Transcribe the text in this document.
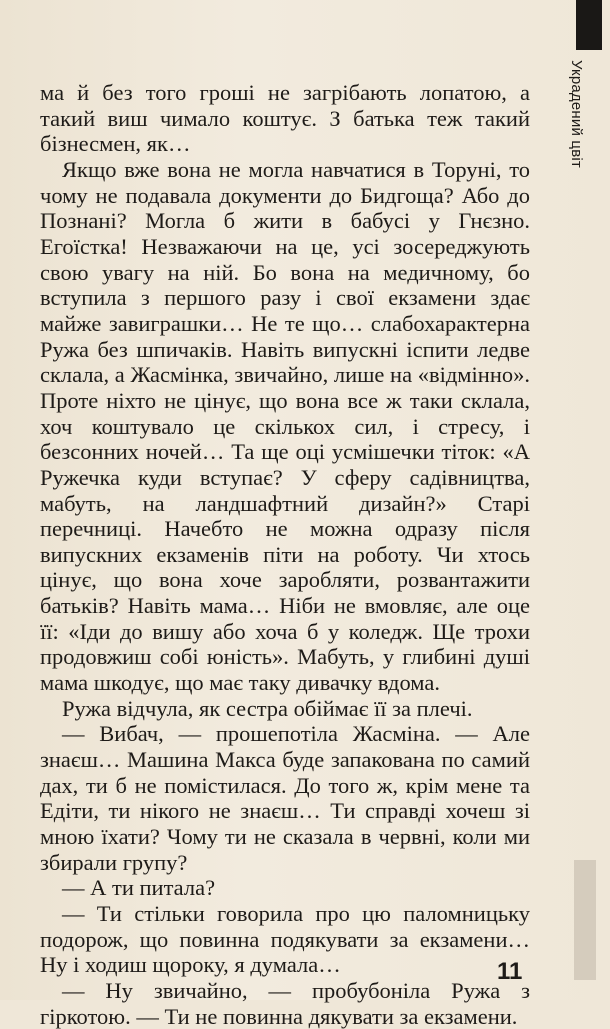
Украдений цвіт

ма й без того гроші не загрібають лопатою, а такий виш чимало коштує. З батька теж такий бізнесмен, як…

Якщо вже вона не могла навчатися в Toруні, то чому не подавала документи до Бидгоща? Або до Познані? Могла б жити в бабусі у Гнєзно. Егоїстка! Незважаючи на це, усі зосереджують свою увагу на ній. Бо вона на медичному, бо вступила з першого разу і свої екзамени здає майже завигрaшки… Не те що… слабохарактерна Ружа без шпичаків. Навіть випускні іспити ледве склала, а Жасмінка, звичайно, лише на «відмінно». Проте ніхто не цінує, що вона все ж таки склала, хоч коштувало це скількох сил, і стресу, і безсонних ночей… Та ще оці усмішечки тіток: «А Ружечка куди вступає? У сферу садівництва, мабуть, на ландшафтний дизайн?» Старі перечниці. Начебто не можна одразу після випускних екзаменів піти на роботу. Чи хтось цінує, що вона хоче заробляти, розвантажити батьків? Навіть мама… Ніби не вмовляє, але оце її: «Іди до вишу або хоча б у коледж. Ще трохи продовжиш собі юність». Мабуть, у глибині душі мама шкодує, що має таку дивачку вдома.

Ружа відчула, як сестра обіймає її за плечі.

— Вибач, — прошепотіла Жасміна. — Але знаєш… Машина Макса буде запакована по самий дах, ти б не помістилася. До того ж, крім мене та Едіти, ти нікого не знаєш… Ти справді хочеш зі мною їхати? Чому ти не сказала в червні, коли ми збирали групу?

— А ти питала?

— Ти стільки говорила про цю паломницьку подорож, що повинна подякувати за екзамени… Ну і ходиш щороку, я думала…

— Ну звичайно, — пробубоніла Ружа з гіркотою. — Ти не повинна дякувати за екзамени.

11
